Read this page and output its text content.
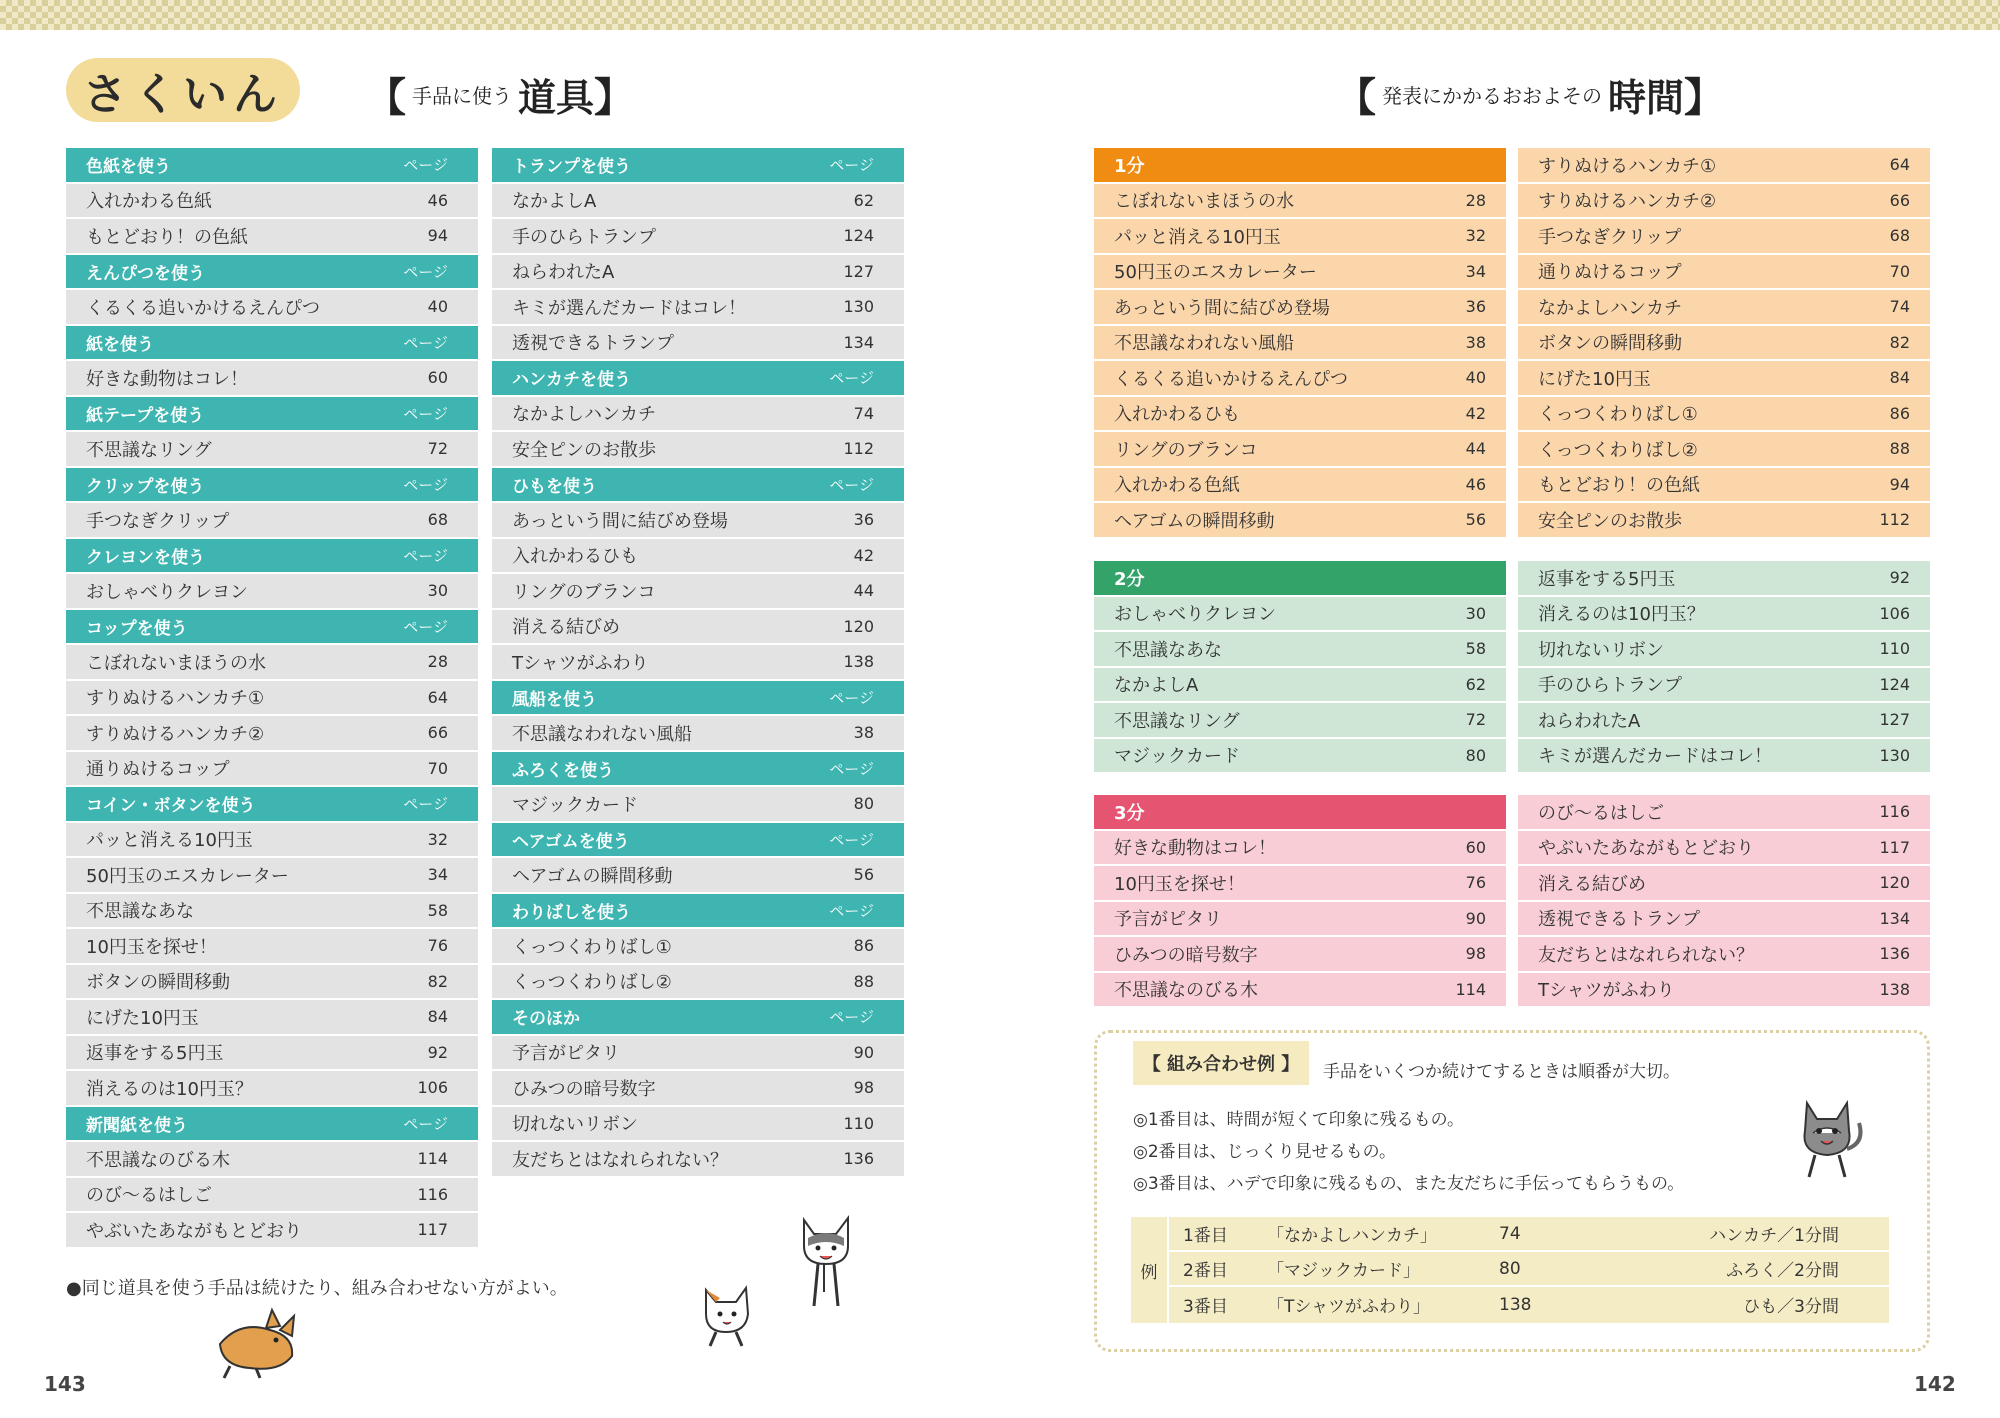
さくいん	【 手品に使う 道具 】	【 発表にかかるおおよその 時間 】
色紙を使う	ページ
入れかわる色紙	46
もとどおり！の色紙	94
えんぴつを使う	ページ
くるくる追いかけるえんぴつ	40
紙を使う	ページ
好きな動物はコレ！	60
紙テープを使う	ページ
不思議なリング	72
クリップを使う	ページ
手つなぎクリップ	68
クレヨンを使う	ページ
おしゃべりクレヨン	30
コップを使う	ページ
こぼれないまほうの水	28
すりぬけるハンカチ①	64
すりぬけるハンカチ②	66
通りぬけるコップ	70
コイン・ボタンを使う	ページ
パッと消える10円玉	32
50円玉のエスカレーター	34
不思議なあな	58
10円玉を探せ！	76
ボタンの瞬間移動	82
にげた10円玉	84
返事をする5円玉	92
消えるのは10円玉？	106
新聞紙を使う	ページ
不思議なのびる木	114
のび～るはしご	116
やぶいたあながもとどおり	117
トランプを使う	ページ
なかよしA	62
手のひらトランプ	124
ねらわれたA	127
キミが選んだカードはコレ！	130
透視できるトランプ	134
ハンカチを使う	ページ
なかよしハンカチ	74
安全ピンのお散歩	112
ひもを使う	ページ
あっという間に結びめ登場	36
入れかわるひも	42
リングのブランコ	44
消える結びめ	120
Tシャツがふわり	138
風船を使う	ページ
不思議なわれない風船	38
ふろくを使う	ページ
マジックカード	80
ヘアゴムを使う	ページ
ヘアゴムの瞬間移動	56
わりばしを使う	ページ
くっつくわりばし①	86
くっつくわりばし②	88
そのほか	ページ
予言がピタリ	90
ひみつの暗号数字	98
切れないリボン	110
友だちとはなれられない？	136
1分
こぼれないまほうの水	28
パッと消える10円玉	32
50円玉のエスカレーター	34
あっという間に結びめ登場	36
不思議なわれない風船	38
くるくる追いかけるえんぴつ	40
入れかわるひも	42
リングのブランコ	44
入れかわる色紙	46
ヘアゴムの瞬間移動	56
すりぬけるハンカチ①	64
すりぬけるハンカチ②	66
手つなぎクリップ	68
通りぬけるコップ	70
なかよしハンカチ	74
ボタンの瞬間移動	82
にげた10円玉	84
くっつくわりばし①	86
くっつくわりばし②	88
もとどおり！の色紙	94
安全ピンのお散歩	112
2分
おしゃべりクレヨン	30
不思議なあな	58
なかよしA	62
不思議なリング	72
マジックカード	80
返事をする5円玉	92
消えるのは10円玉？	106
切れないリボン	110
手のひらトランプ	124
ねらわれたA	127
キミが選んだカードはコレ！	130
3分
好きな動物はコレ！	60
10円玉を探せ！	76
予言がピタリ	90
ひみつの暗号数字	98
不思議なのびる木	114
のび～るはしご	116
やぶいたあながもとどおり	117
消える結びめ	120
透視できるトランプ	134
友だちとはなれられない？	136
Tシャツがふわり	138
【 組み合わせ例 】	手品をいくつか続けてするときは順番が大切。
◎1番目は、時間が短くて印象に残るもの。
◎2番目は、じっくり見せるもの。
◎3番目は、ハデで印象に残るもの、また友だちに手伝ってもらうもの。
例
1番目	「なかよしハンカチ」	74	ハンカチ／1分間
2番目	「マジックカード」	80	ふろく／2分間
3番目	「Tシャツがふわり」	138	ひも／3分間
●同じ道具を使う手品は続けたり、組み合わせない方がよい。
143	142
